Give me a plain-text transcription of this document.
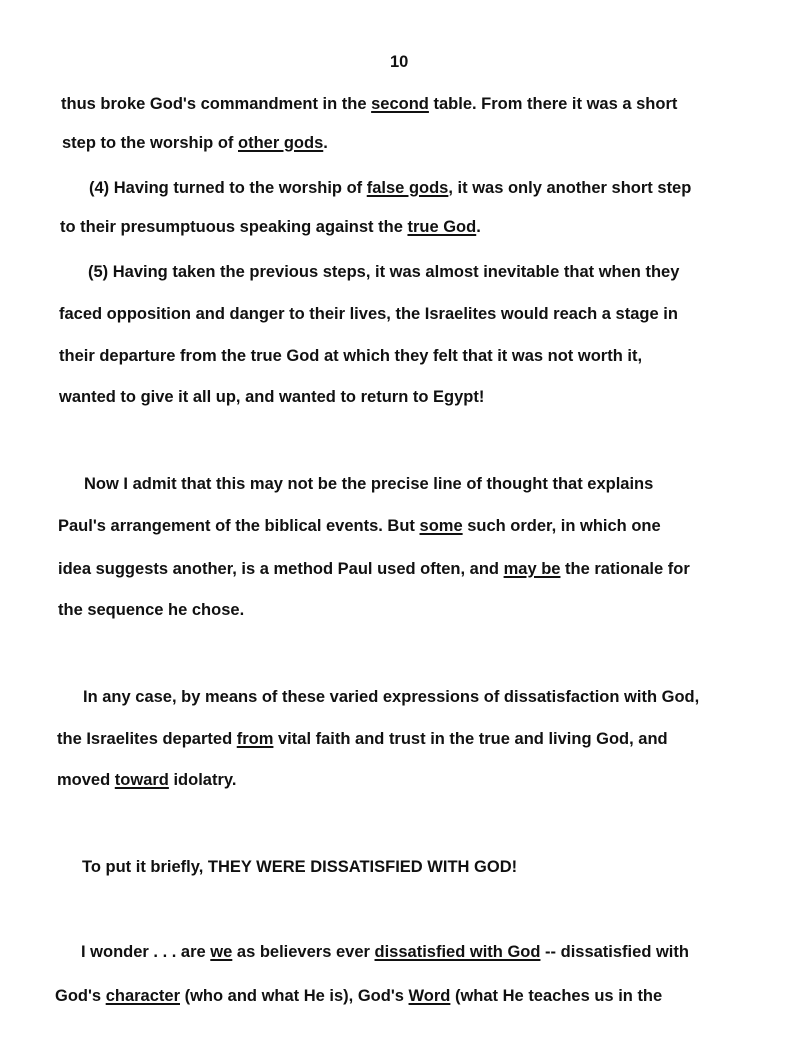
10
thus broke God's commandment in the second table. From there it was a short
step to the worship of other gods.
(4) Having turned to the worship of false gods, it was only another short step
to their presumptuous speaking against the true God.
(5) Having taken the previous steps, it was almost inevitable that when they
faced opposition and danger to their lives, the Israelites would reach a stage in
their departure from the true God at which they felt that it was not worth it,
wanted to give it all up, and wanted to return to Egypt!
Now I admit that this may not be the precise line of thought that explains
Paul's arrangement of the biblical events. But some such order, in which one
idea suggests another, is a method Paul used often, and may be the rationale for
the sequence he chose.
In any case, by means of these varied expressions of dissatisfaction with God,
the Israelites departed from vital faith and trust in the true and living God, and
moved toward idolatry.
To put it briefly, THEY WERE DISSATISFIED WITH GOD!
I wonder . . . are we as believers ever dissatisfied with God -- dissatisfied with
God's character (who and what He is), God's Word (what He teaches us in the
